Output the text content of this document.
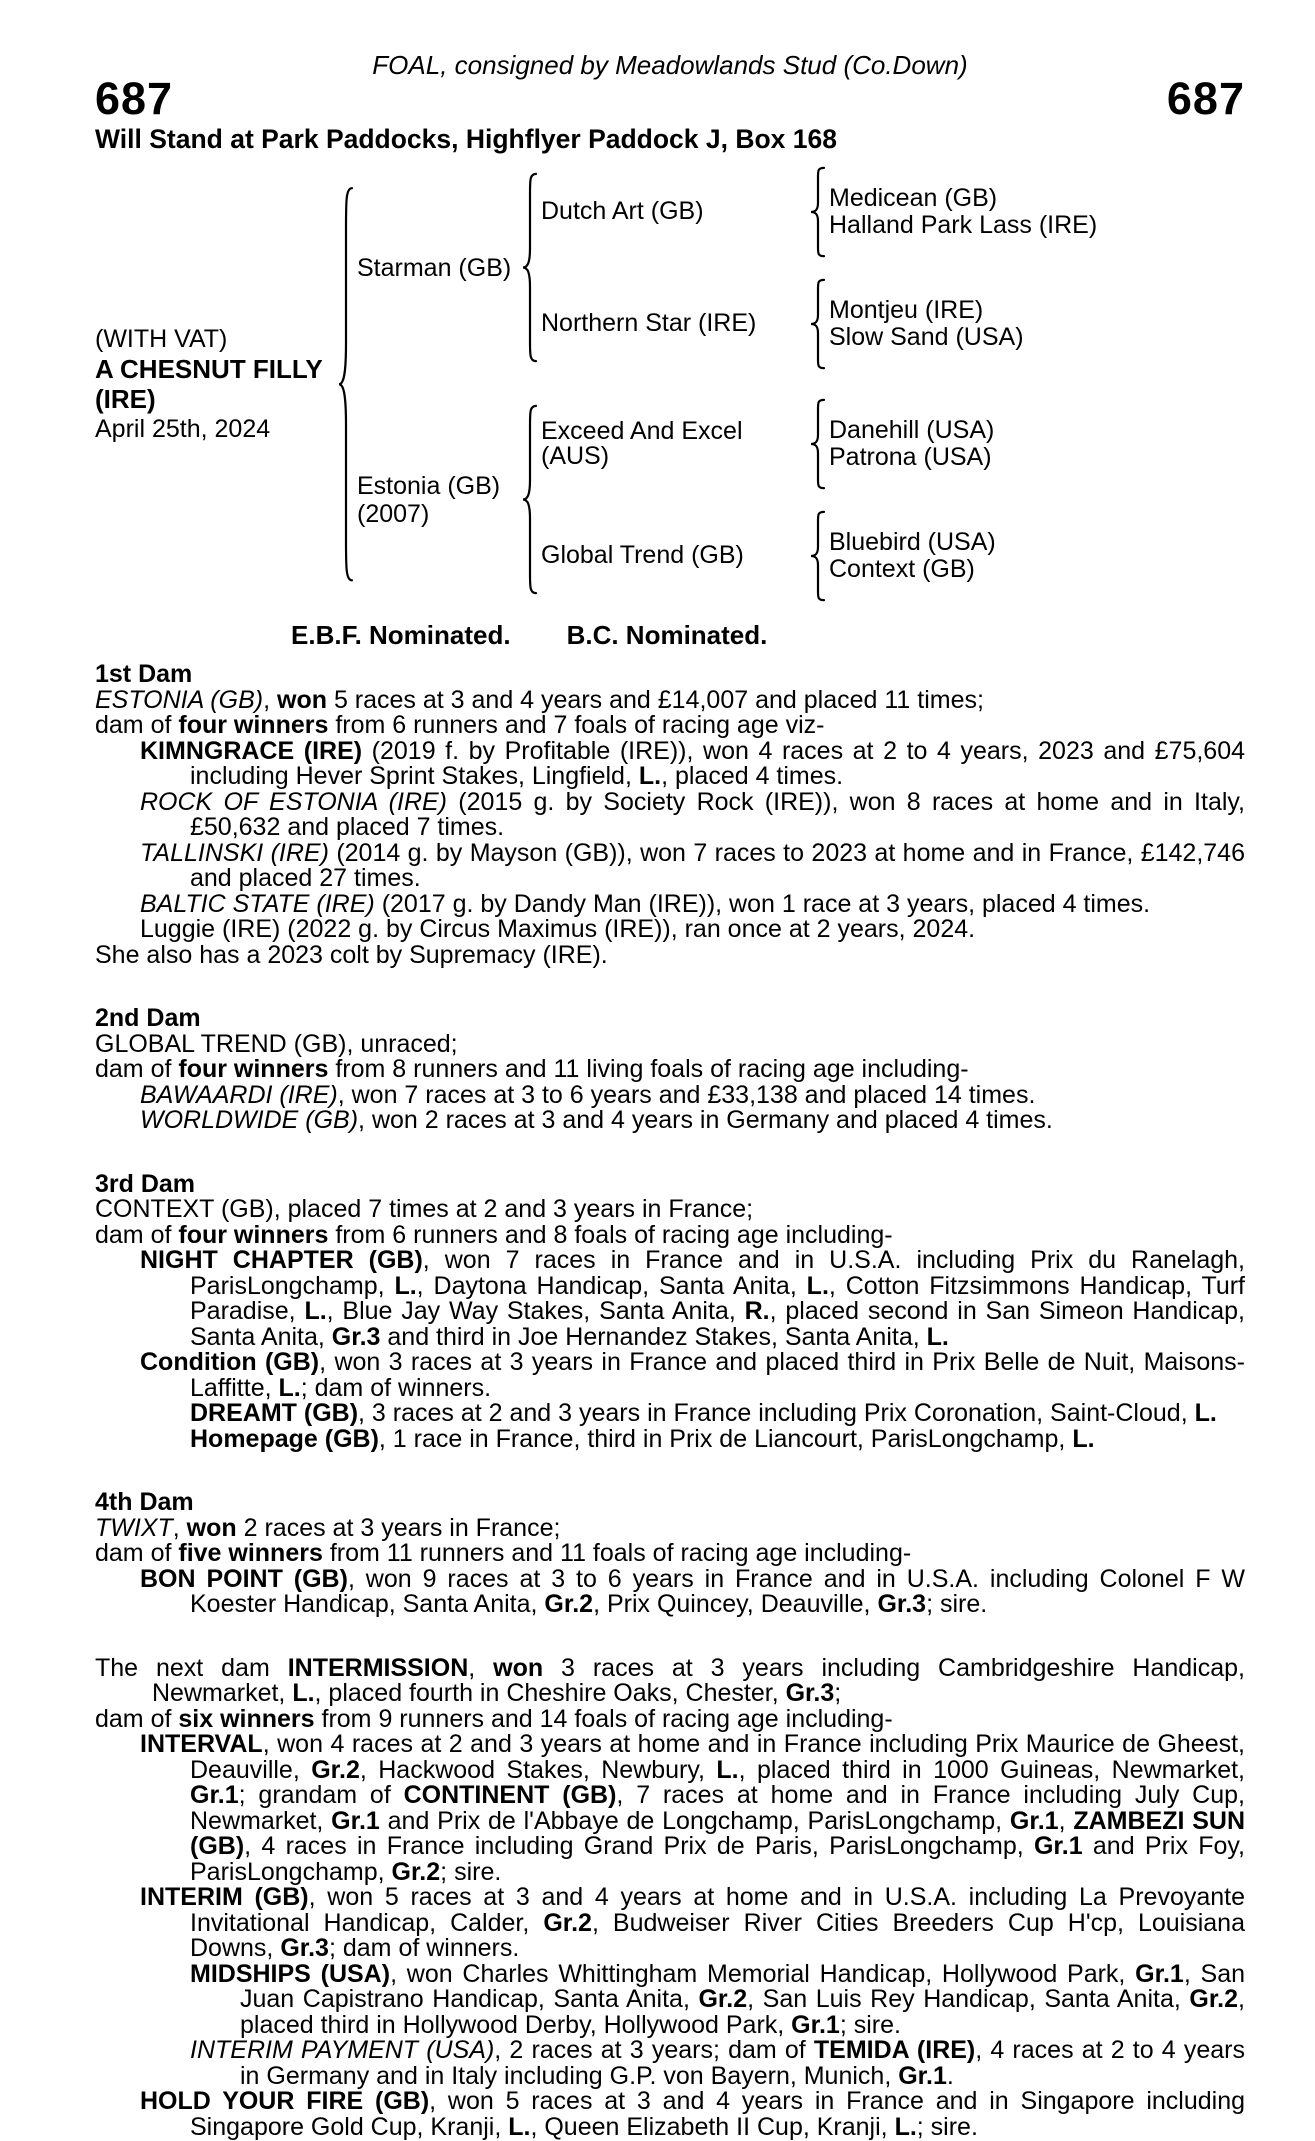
FOAL, consigned by Meadowlands Stud (Co.Down)
687	687
Will Stand at Park Paddocks, Highflyer Paddock J, Box 168
(WITH VAT)
A CHESNUT FILLY
(IRE)
April 25th, 2024
Starman (GB)
Dutch Art (GB)	Medicean (GB)
Halland Park Lass (IRE)
Northern Star (IRE)	Montjeu (IRE)
Slow Sand (USA)
Estonia (GB)
(2007)
Exceed And Excel (AUS)
Danehill (USA)
Patrona (USA)
Global Trend (GB)	Bluebird (USA)
Context (GB)
E.B.F. Nominated. B.C. Nominated.
1st Dam

ESTONIA (GB), won 5 races at 3 and 4 years and £14,007 and placed 11 times;

dam of four winners from 6 runners and 7 foals of racing age viz-

KIMNGRACE (IRE) (2019 f. by Profitable (IRE)), won 4 races at 2 to 4 years, 2023 and £75,604 including Hever Sprint Stakes, Lingfield, L., placed 4 times.

ROCK OF ESTONIA (IRE) (2015 g. by Society Rock (IRE)), won 8 races at home and in Italy, £50,632 and placed 7 times.

TALLINSKI (IRE) (2014 g. by Mayson (GB)), won 7 races to 2023 at home and in France, £142,746 and placed 27 times.

BALTIC STATE (IRE) (2017 g. by Dandy Man (IRE)), won 1 race at 3 years, placed 4 times.

Luggie (IRE) (2022 g. by Circus Maximus (IRE)), ran once at 2 years, 2024.

She also has a 2023 colt by Supremacy (IRE).

2nd Dam

GLOBAL TREND (GB), unraced;

dam of four winners from 8 runners and 11 living foals of racing age including-

BAWAARDI (IRE), won 7 races at 3 to 6 years and £33,138 and placed 14 times.

WORLDWIDE (GB), won 2 races at 3 and 4 years in Germany and placed 4 times.

3rd Dam

CONTEXT (GB), placed 7 times at 2 and 3 years in France;

dam of four winners from 6 runners and 8 foals of racing age including-

NIGHT CHAPTER (GB), won 7 races in France and in U.S.A. including Prix du Ranelagh, ParisLongchamp, L., Daytona Handicap, Santa Anita, L., Cotton Fitzsimmons Handicap, Turf Paradise, L., Blue Jay Way Stakes, Santa Anita, R., placed second in San Simeon Handicap, Santa Anita, Gr.3 and third in Joe Hernandez Stakes, Santa Anita, L.

Condition (GB), won 3 races at 3 years in France and placed third in Prix Belle de Nuit, Maisons-Laffitte, L.; dam of winners.

DREAMT (GB), 3 races at 2 and 3 years in France including Prix Coronation, Saint-Cloud, L.

Homepage (GB), 1 race in France, third in Prix de Liancourt, ParisLongchamp, L.

4th Dam

TWIXT, won 2 races at 3 years in France;

dam of five winners from 11 runners and 11 foals of racing age including-

BON POINT (GB), won 9 races at 3 to 6 years in France and in U.S.A. including Colonel F W Koester Handicap, Santa Anita, Gr.2, Prix Quincey, Deauville, Gr.3; sire.

The next dam INTERMISSION, won 3 races at 3 years including Cambridgeshire Handicap, Newmarket, L., placed fourth in Cheshire Oaks, Chester, Gr.3;

dam of six winners from 9 runners and 14 foals of racing age including-

INTERVAL, won 4 races at 2 and 3 years at home and in France including Prix Maurice de Gheest, Deauville, Gr.2, Hackwood Stakes, Newbury, L., placed third in 1000 Guineas, Newmarket, Gr.1; grandam of CONTINENT (GB), 7 races at home and in France including July Cup, Newmarket, Gr.1 and Prix de l'Abbaye de Longchamp, ParisLongchamp, Gr.1, ZAMBEZI SUN (GB), 4 races in France including Grand Prix de Paris, ParisLongchamp, Gr.1 and Prix Foy, ParisLongchamp, Gr.2; sire.

INTERIM (GB), won 5 races at 3 and 4 years at home and in U.S.A. including La Prevoyante Invitational Handicap, Calder, Gr.2, Budweiser River Cities Breeders Cup H'cp, Louisiana Downs, Gr.3; dam of winners.

MIDSHIPS (USA), won Charles Whittingham Memorial Handicap, Hollywood Park, Gr.1, San Juan Capistrano Handicap, Santa Anita, Gr.2, San Luis Rey Handicap, Santa Anita, Gr.2, placed third in Hollywood Derby, Hollywood Park, Gr.1; sire.

INTERIM PAYMENT (USA), 2 races at 3 years; dam of TEMIDA (IRE), 4 races at 2 to 4 years in Germany and in Italy including G.P. von Bayern, Munich, Gr.1.

HOLD YOUR FIRE (GB), won 5 races at 3 and 4 years in France and in Singapore including Singapore Gold Cup, Kranji, L., Queen Elizabeth II Cup, Kranji, L.; sire.
